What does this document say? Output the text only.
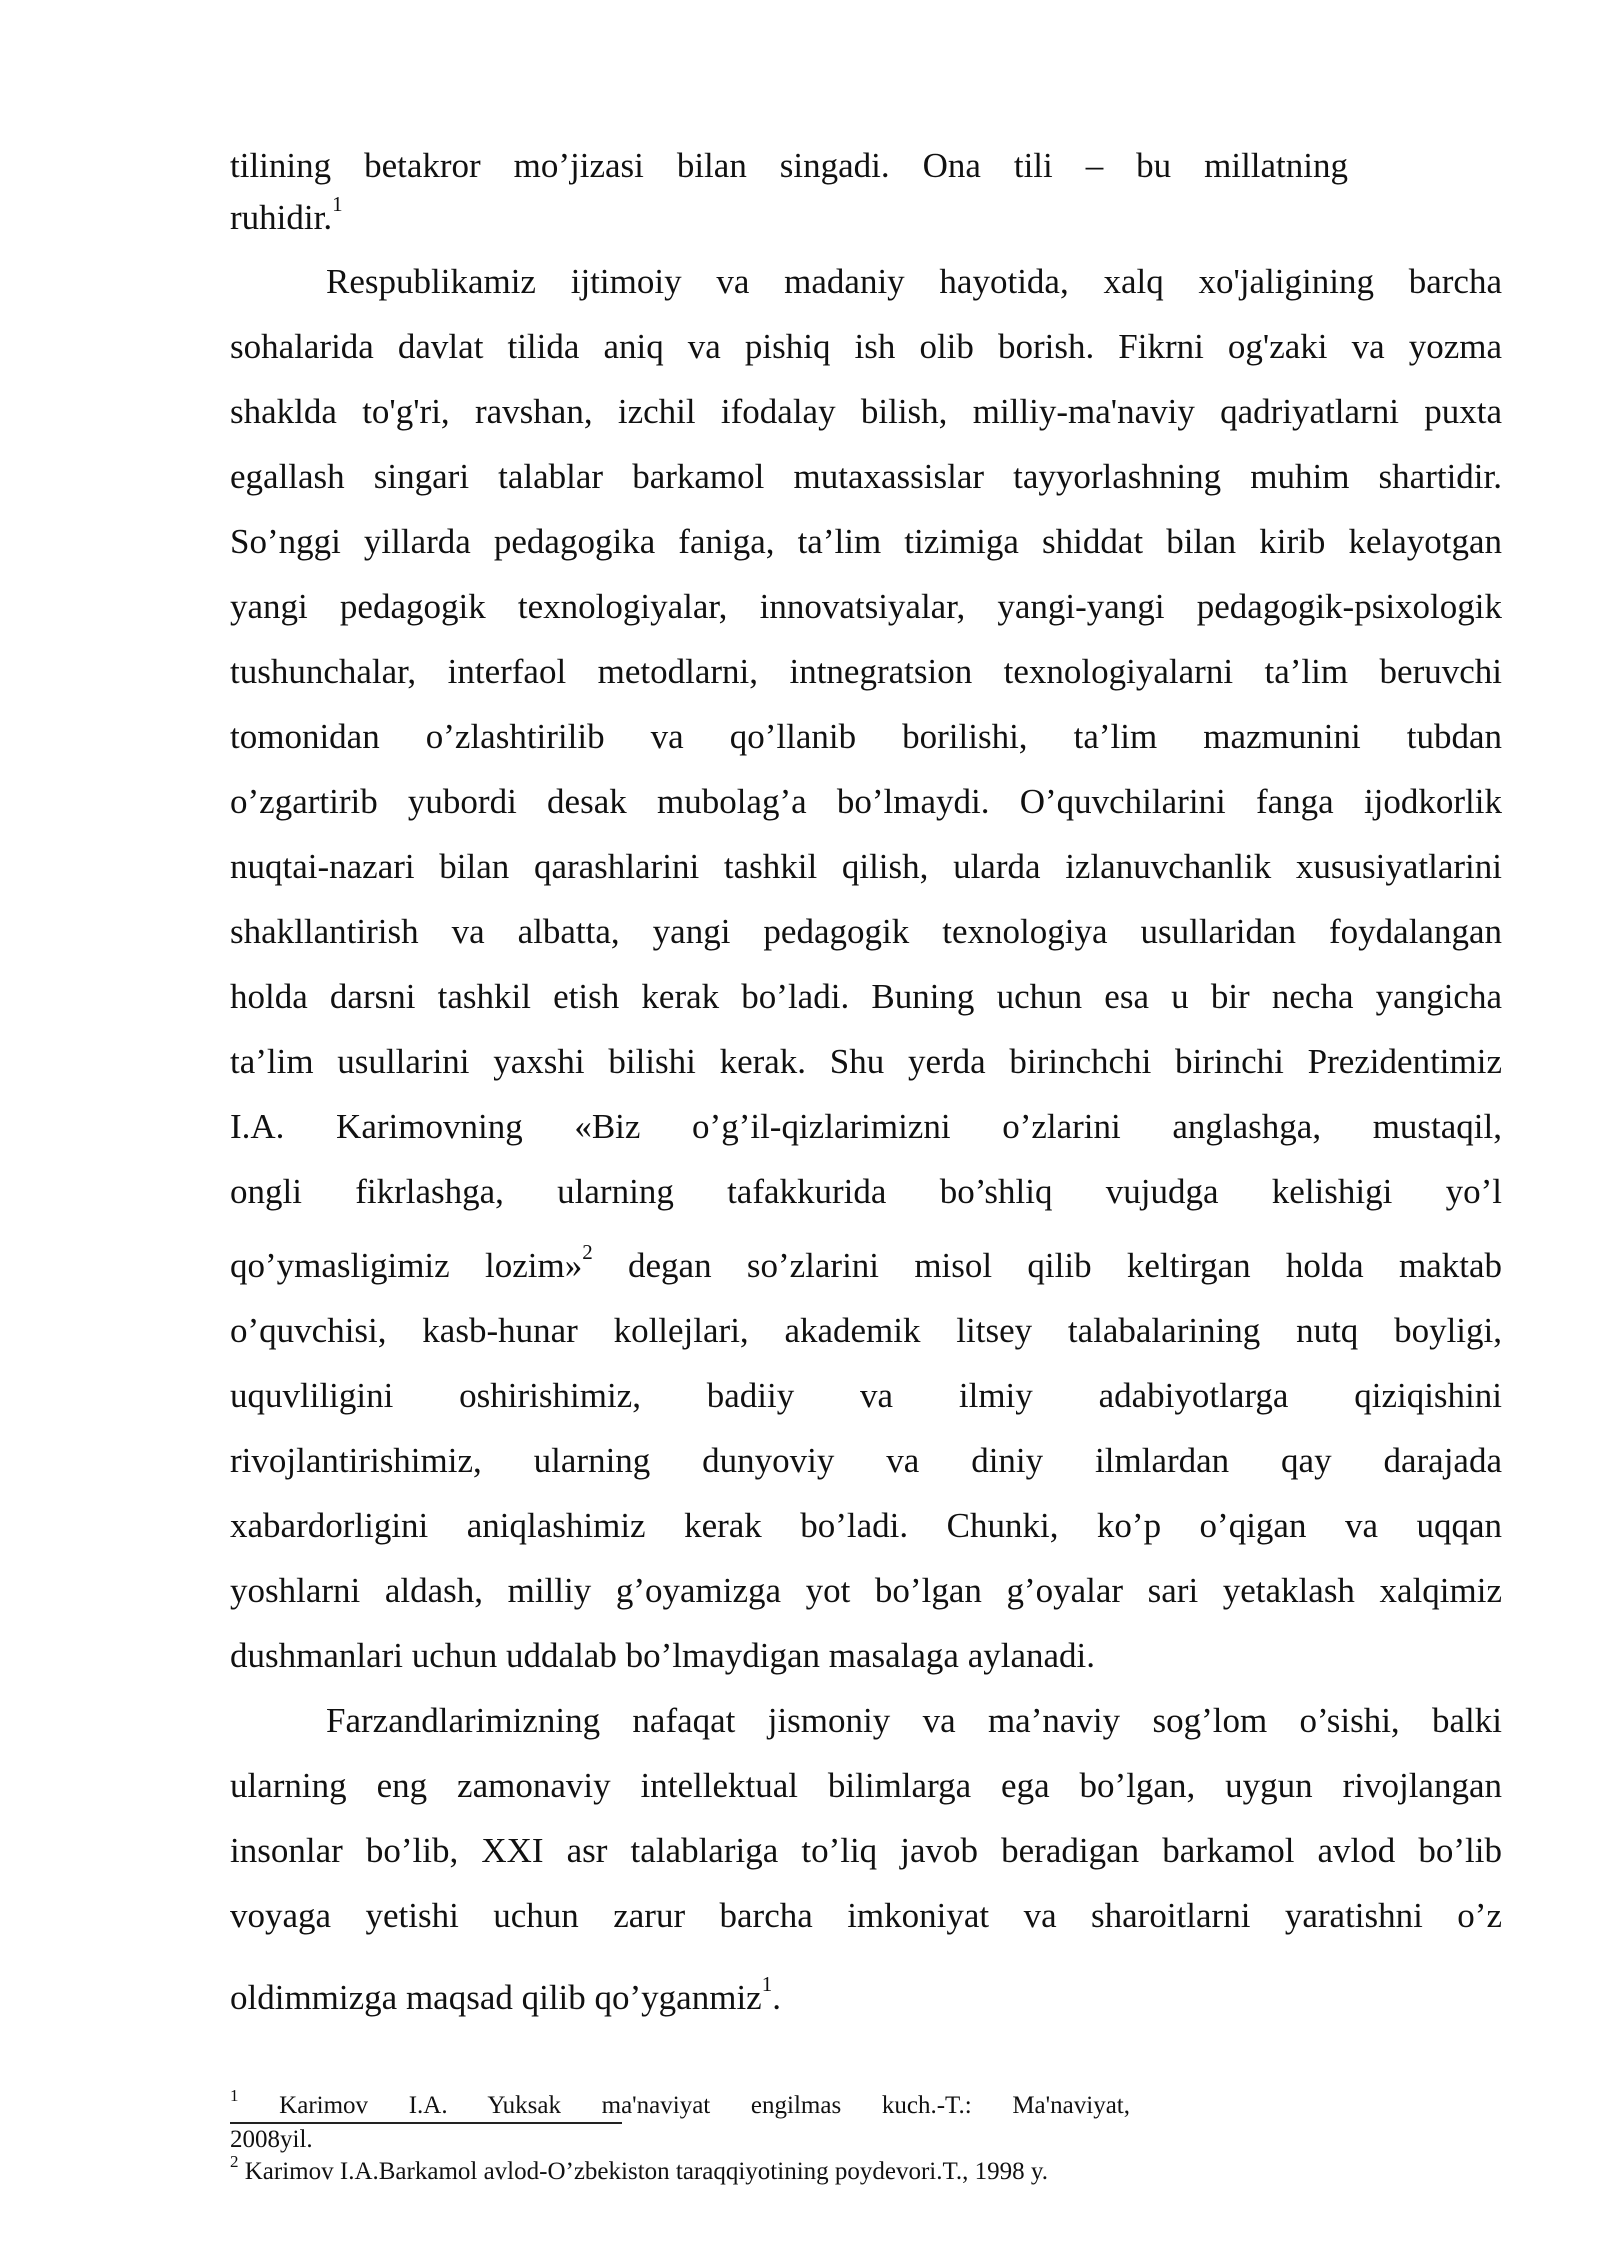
tilining betakror mo’jizasi bilan singadi. Ona tili – bu millatning
ruhidir.$^1$
Respublikamiz ijtimoiy va madaniy hayotida, xalq xo'jaligining barcha
sohalarida davlat tilida aniq va pishiq ish olib borish. Fikrni og'zaki va yozma
shaklda to'g'ri, ravshan, izchil ifodalay bilish, milliy-ma'naviy qadriyatlarni puxta
egallash singari talablar barkamol mutaxassislar tayyorlashning muhim shartidir.
So’nggi yillarda pedagogika faniga, ta’lim tizimiga shiddat bilan kirib kelayotgan
yangi pedagogik texnologiyalar, innovatsiyalar, yangi-yangi pedagogik-psixologik
tushunchalar, interfaol metodlarni, intnegratsion texnologiyalarni ta’lim beruvchi
tomonidan o’zlashtirilib va qo’llanib borilishi, ta’lim mazmunini tubdan
o’zgartirib yubordi desak mubolag’a bo’lmaydi. O’quvchilarini fanga ijodkorlik
nuqtai-nazari bilan qarashlarini tashkil qilish, ularda izlanuvchanlik xususiyatlarini
shakllantirish va albatta, yangi pedagogik texnologiya usullaridan foydalangan
holda darsni tashkil etish kerak bo’ladi. Buning uchun esa u bir necha yangicha
ta’lim usullarini yaxshi bilishi kerak. Shu yerda birinchchi birinchi Prezidentimiz
I.A. Karimovning «Biz o’g’il-qizlarimizni o’zlarini anglashga, mustaqil,
ongli fikrlashga, ularning tafakkurida bo’shliq vujudga kelishigi yo’l
qo’ymasligimiz lozim»$^2$ degan so’zlarini misol qilib keltirgan holda maktab
o’quvchisi, kasb-hunar kollejlari, akademik litsey talabalarining nutq boyligi,
uquvliligini oshirishimiz, badiiy va ilmiy adabiyotlarga qiziqishini
rivojlantirishimiz, ularning dunyoviy va diniy ilmlardan qay darajada
xabardorligini aniqlashimiz kerak bo’ladi. Chunki, ko’p o’qigan va uqqan
yoshlarni aldash, milliy g’oyamizga yot bo’lgan g’oyalar sari yetaklash xalqimiz
dushmanlari uchun uddalab bo’lmaydigan masalaga aylanadi.
Farzandlarimizning nafaqat jismoniy va ma’naviy sog’lom o’sishi, balki
ularning eng zamonaviy intellektual bilimlarga ega bo’lgan, uygun rivojlangan
insonlar bo’lib, XXI asr talablariga to’liq javob beradigan barkamol avlod bo’lib
voyaga yetishi uchun zarur barcha imkoniyat va sharoitlarni yaratishni o’z
oldimmizga maqsad qilib qo’yganmiz$^1$.
$^1$ Karimov I.A. Yuksak ma'naviyat engilmas kuch.-T.: Ma'naviyat,
2008yil.
$^2$ Karimov I.A.Barkamol avlod-O’zbekiston taraqqiyotining poydevori.T., 1998 y.
